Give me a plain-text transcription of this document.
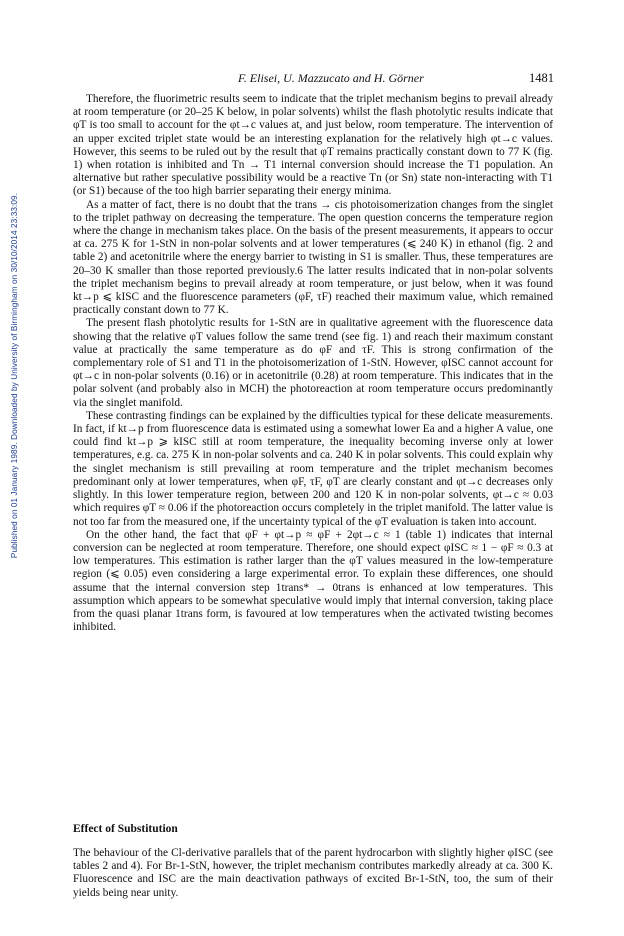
Published on 01 January 1989. Downloaded by University of Birmingham on 30/10/2014 23:33:09.
F. Elisei, U. Mazzucato and H. Görner	1481

Therefore, the fluorimetric results seem to indicate that the triplet mechanism begins to prevail already at room temperature (or 20–25 K below, in polar solvents) whilst the flash photolytic results indicate that φT is too small to account for the φt→c values at, and just below, room temperature. The intervention of an upper excited triplet state would be an interesting explanation for the relatively high φt→c values. However, this seems to be ruled out by the result that φT remains practically constant down to 77 K (fig. 1) when rotation is inhibited and Tn → T1 internal conversion should increase the T1 population. An alternative but rather speculative possibility would be a reactive Tn (or Sn) state non-interacting with T1 (or S1) because of the too high barrier separating their energy minima.

As a matter of fact, there is no doubt that the trans → cis photoisomerization changes from the singlet to the triplet pathway on decreasing the temperature. The open question concerns the temperature region where the change in mechanism takes place. On the basis of the present measurements, it appears to occur at ca. 275 K for 1-StN in non-polar solvents and at lower temperatures (⩽ 240 K) in ethanol (fig. 2 and table 2) and acetonitrile where the energy barrier to twisting in S1 is smaller. Thus, these temperatures are 20–30 K smaller than those reported previously.6 The latter results indicated that in non-polar solvents the triplet mechanism begins to prevail already at room temperature, or just below, when it was found kt→p ⩽ kISC and the fluorescence parameters (φF, τF) reached their maximum value, which remained practically constant down to 77 K.

The present flash photolytic results for 1-StN are in qualitative agreement with the fluorescence data showing that the relative φT values follow the same trend (see fig. 1) and reach their maximum constant value at practically the same temperature as do φF and τF. This is strong confirmation of the complementary role of S1 and T1 in the photoisomerization of 1-StN. However, φISC cannot account for φt→c in non-polar solvents (0.16) or in acetonitrile (0.28) at room temperature. This indicates that in the polar solvent (and probably also in MCH) the photoreaction at room temperature occurs predominantly via the singlet manifold.

These contrasting findings can be explained by the difficulties typical for these delicate measurements. In fact, if kt→p from fluorescence data is estimated using a somewhat lower Ea and a higher A value, one could find kt→p ⩾ kISC still at room temperature, the inequality becoming inverse only at lower temperatures, e.g. ca. 275 K in non-polar solvents and ca. 240 K in polar solvents. This could explain why the singlet mechanism is still prevailing at room temperature and the triplet mechanism becomes predominant only at lower temperatures, when φF, τF, φT are clearly constant and φt→c decreases only slightly. In this lower temperature region, between 200 and 120 K in non-polar solvents, φt→c ≈ 0.03 which requires φT ≈ 0.06 if the photoreaction occurs completely in the triplet manifold. The latter value is not too far from the measured one, if the uncertainty typical of the φT evaluation is taken into account.

On the other hand, the fact that φF + φt→p ≈ φF + 2φt→c ≈ 1 (table 1) indicates that internal conversion can be neglected at room temperature. Therefore, one should expect φISC ≈ 1 − φF ≈ 0.3 at low temperatures. This estimation is rather larger than the φT values measured in the low-temperature region (⩽ 0.05) even considering a large experimental error. To explain these differences, one should assume that the internal conversion step 1trans* → 0trans is enhanced at low temperatures. This assumption which appears to be somewhat speculative would imply that internal conversion, taking place from the quasi planar 1trans form, is favoured at low temperatures when the activated twisting becomes inhibited.

Effect of Substitution

The behaviour of the Cl-derivative parallels that of the parent hydrocarbon with slightly higher φISC (see tables 2 and 4). For Br-1-StN, however, the triplet mechanism contributes markedly already at ca. 300 K. Fluorescence and ISC are the main deactivation pathways of excited Br-1-StN, too, the sum of their yields being near unity.
